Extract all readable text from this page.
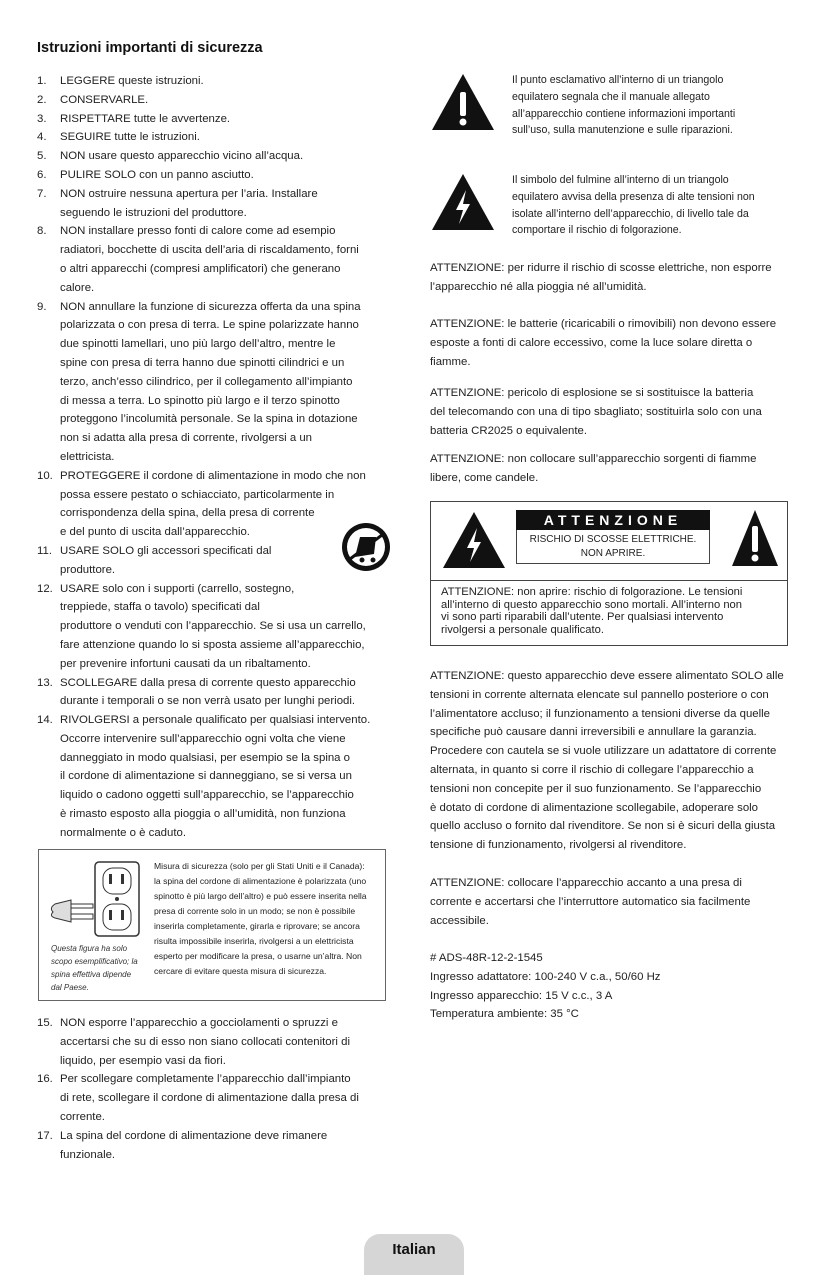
Istruzioni importanti di sicurezza
1.	LEGGERE queste istruzioni.
2.	CONSERVARLE.
3.	RISPETTARE tutte le avvertenze.
4.	SEGUIRE tutte le istruzioni.
5.	NON usare questo apparecchio vicino all’acqua.
6.	PULIRE SOLO con un panno asciutto.
7.	NON ostruire nessuna apertura per l’aria. Installare
seguendo le istruzioni del produttore.
8.	NON installare presso fonti di calore come ad esempio
radiatori, bocchette di uscita dell’aria di riscaldamento, forni
o altri apparecchi (compresi amplificatori) che generano
calore.
9.	NON annullare la funzione di sicurezza offerta da una spina
polarizzata o con presa di terra. Le spine polarizzate hanno
due spinotti lamellari, uno più largo dell’altro, mentre le
spine con presa di terra hanno due spinotti cilindrici e un
terzo, anch’esso cilindrico, per il collegamento all’impianto
di messa a terra. Lo spinotto più largo e il terzo spinotto
proteggono l’incolumità personale. Se la spina in dotazione
non si adatta alla presa di corrente, rivolgersi a un
elettricista.
10. PROTEGGERE il cordone di alimentazione in modo che non
possa essere pestato o schiacciato, particolarmente in
corrispondenza della spina, della presa di corrente
e del punto di uscita dall’apparecchio.
11. USARE SOLO gli accessori specificati dal
produttore.
12. USARE solo con i supporti (carrello, sostegno,
treppiede, staffa o tavolo) specificati dal
produttore o venduti con l’apparecchio. Se si usa un carrello,
fare attenzione quando lo si sposta assieme all’apparecchio,
per prevenire infortuni causati da un ribaltamento.
13. SCOLLEGARE dalla presa di corrente questo apparecchio
durante i temporali o se non verrà usato per lunghi periodi.
14. RIVOLGERSI a personale qualificato per qualsiasi intervento.
Occorre intervenire sull’apparecchio ogni volta che viene
danneggiato in modo qualsiasi, per esempio se la spina o
il cordone di alimentazione si danneggiano, se si versa un
liquido o cadono oggetti sull’apparecchio, se l’apparecchio
è rimasto esposto alla pioggia o all’umidità, non funziona
normalmente o è caduto.
Misura di sicurezza (solo per gli Stati Uniti e il Canada):
la spina del cordone di alimentazione è polarizzata (uno
spinotto è più largo dell’altro) e può essere inserita nella
presa di corrente solo in un modo; se non è possibile
inserirla completamente, girarla e riprovare; se ancora
risulta impossibile inserirla, rivolgersi a un elettricista
esperto per modificare la presa, o usarne un’altra. Non
cercare di evitare questa misura di sicurezza.
Questa figura ha solo
scopo esemplificativo; la
spina effettiva dipende
dal Paese.
15. NON esporre l’apparecchio a gocciolamenti o spruzzi e
accertarsi che su di esso non siano collocati contenitori di
liquido, per esempio vasi da fiori.
16. Per scollegare completamente l’apparecchio dall’impianto
di rete, scollegare il cordone di alimentazione dalla presa di
corrente.
17. La spina del cordone di alimentazione deve rimanere
funzionale.
Il punto esclamativo all’interno di un triangolo
equilatero segnala che il manuale allegato
all’apparecchio contiene informazioni importanti
sull’uso, sulla manutenzione e sulle riparazioni.
Il simbolo del fulmine all’interno di un triangolo
equilatero avvisa della presenza di alte tensioni non
isolate all’interno dell’apparecchio, di livello tale da
comportare il rischio di folgorazione.
ATTENZIONE: per ridurre il rischio di scosse elettriche, non esporre
l’apparecchio né alla pioggia né all’umidità.
ATTENZIONE: le batterie (ricaricabili o rimovibili) non devono essere
esposte a fonti di calore eccessivo, come la luce solare diretta o
fiamme.
ATTENZIONE: pericolo di esplosione se si sostituisce la batteria
del telecomando con una di tipo sbagliato; sostituirla solo con una
batteria CR2025 o equivalente.
ATTENZIONE: non collocare sull’apparecchio sorgenti di fiamme
libere, come candele.
ATTENZIONE
RISCHIO DI SCOSSE ELETTRICHE.
NON APRIRE.
ATTENZIONE: non aprire: rischio di folgorazione. Le tensioni
all’interno di questo apparecchio sono mortali. All’interno non
vi sono parti riparabili dall’utente. Per qualsiasi intervento
rivolgersi a personale qualificato.
ATTENZIONE: questo apparecchio deve essere alimentato SOLO alle
tensioni in corrente alternata elencate sul pannello posteriore o con
l’alimentatore accluso; il funzionamento a tensioni diverse da quelle
specifiche può causare danni irreversibili e annullare la garanzia.
Procedere con cautela se si vuole utilizzare un adattatore di corrente
alternata, in quanto si corre il rischio di collegare l’apparecchio a
tensioni non concepite per il suo funzionamento. Se l’apparecchio
è dotato di cordone di alimentazione scollegabile, adoperare solo
quello accluso o fornito dal rivenditore. Se non si è sicuri della giusta
tensione di funzionamento, rivolgersi al rivenditore.
ATTENZIONE: collocare l’apparecchio accanto a una presa di
corrente e accertarsi che l’interruttore automatico sia facilmente
accessibile.
# ADS-48R-12-2-1545
Ingresso adattatore: 100-240 V c.a., 50/60 Hz
Ingresso apparecchio: 15 V c.c., 3 A
Temperatura ambiente: 35 °C
Italian
